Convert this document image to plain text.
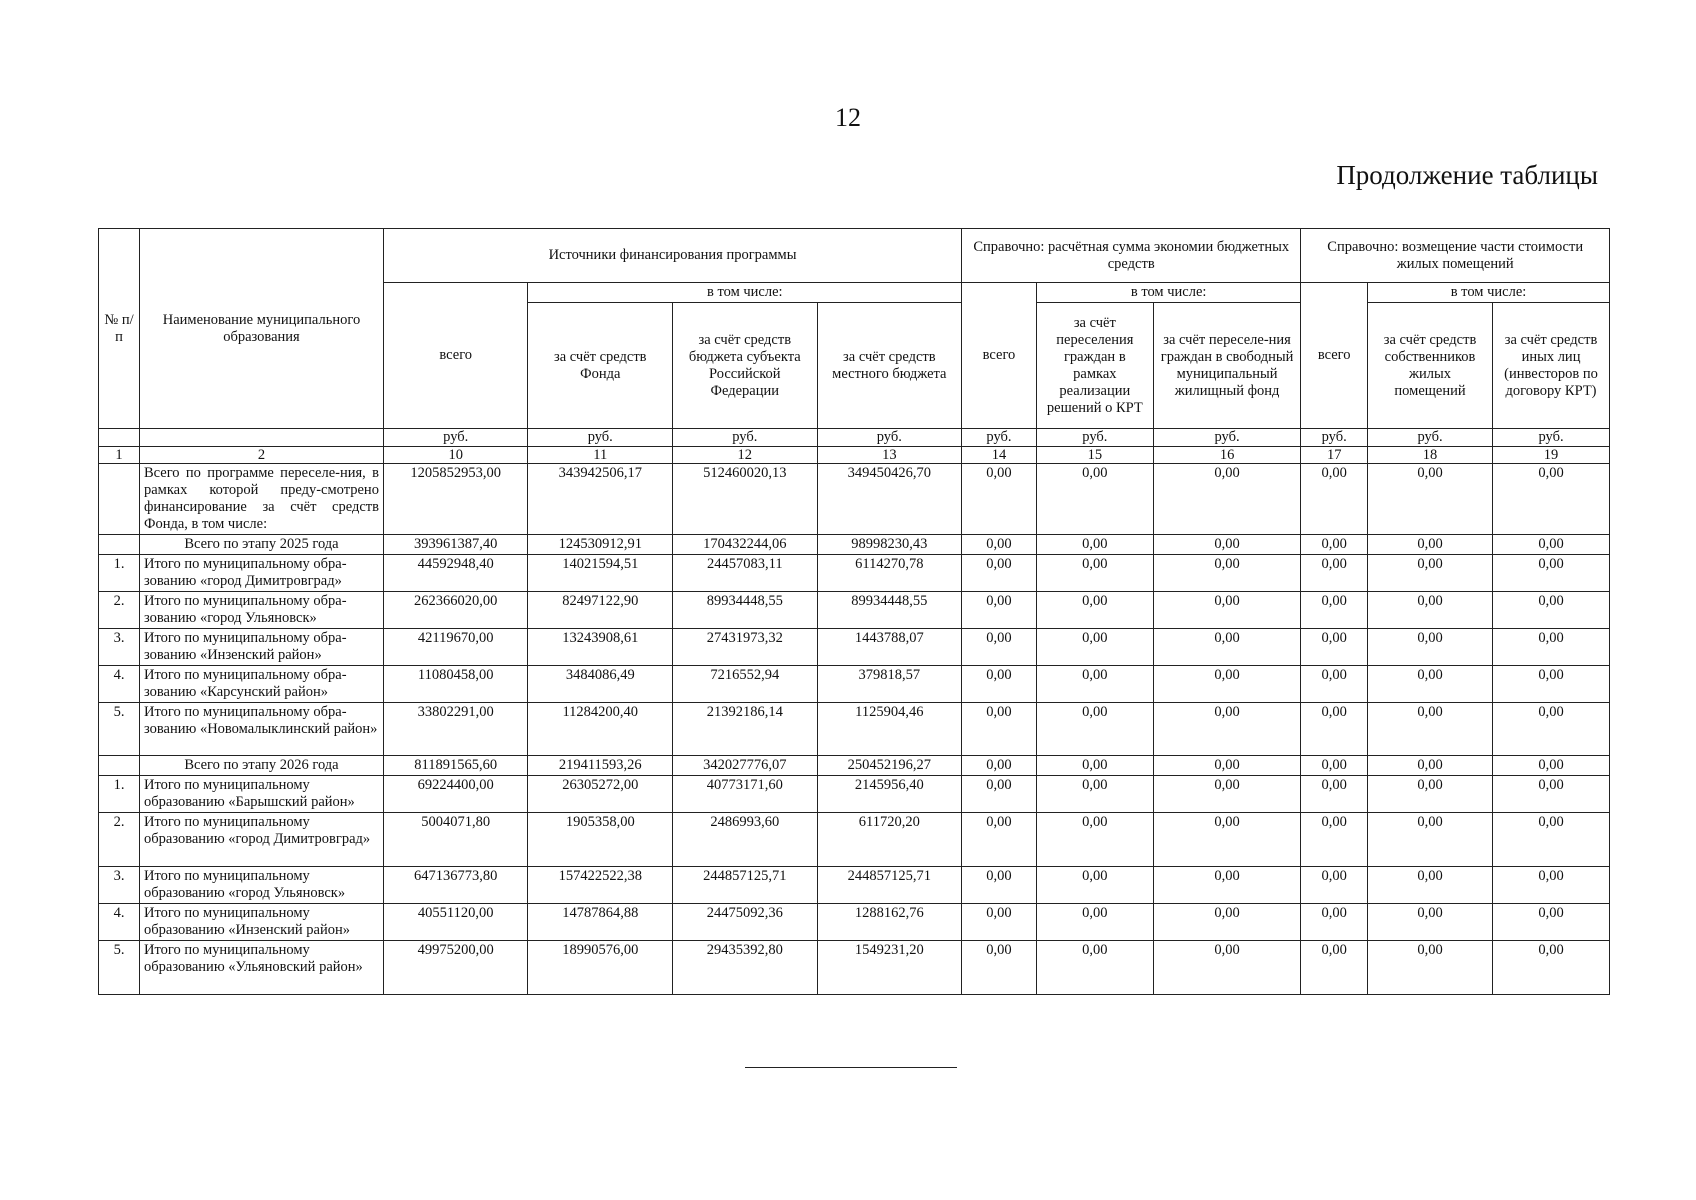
12
Продолжение таблицы
№ п/п	Наименование муниципального образования	Источники финансирования программы				Справочно: расчётная сумма экономии бюджетных средств			Справочно: возмещение части стоимости жилых помещений		
		всего	в том числе:			всего	в том числе:		всего	в том числе:	
			за счёт средств Фонда	за счёт средств бюджета субъекта Российской Федерации	за счёт средств местного бюджета		за счёт переселения граждан в рамках реализации решений о КРТ	за счёт переселе-ния граждан в свободный муниципальный жилищный фонд		за счёт средств собственников жилых помещений	за счёт средств иных лиц (инвесторов по договору КРТ)
		руб.	руб.	руб.	руб.	руб.	руб.	руб.	руб.	руб.	руб.
1	2	10	11	12	13	14	15	16	17	18	19
	Всего по программе переселе-ния, в рамках которой преду-смотрено финансирование за счёт средств Фонда, в том числе:	1205852953,00	343942506,17	512460020,13	349450426,70	0,00	0,00	0,00	0,00	0,00	0,00
	Всего по этапу 2025 года	393961387,40	124530912,91	170432244,06	98998230,43	0,00	0,00	0,00	0,00	0,00	0,00
1.	Итого по муниципальному обра-зованию «город Димитровград»	44592948,40	14021594,51	24457083,11	6114270,78	0,00	0,00	0,00	0,00	0,00	0,00
2.	Итого по муниципальному обра-зованию «город Ульяновск»	262366020,00	82497122,90	89934448,55	89934448,55	0,00	0,00	0,00	0,00	0,00	0,00
3.	Итого по муниципальному обра-зованию «Инзенский район»	42119670,00	13243908,61	27431973,32	1443788,07	0,00	0,00	0,00	0,00	0,00	0,00
4.	Итого по муниципальному обра-зованию «Карсунский район»	11080458,00	3484086,49	7216552,94	379818,57	0,00	0,00	0,00	0,00	0,00	0,00
5.	Итого по муниципальному обра-зованию «Новомалыклинский район»	33802291,00	11284200,40	21392186,14	1125904,46	0,00	0,00	0,00	0,00	0,00	0,00
	Всего по этапу 2026 года	811891565,60	219411593,26	342027776,07	250452196,27	0,00	0,00	0,00	0,00	0,00	0,00
1.	Итого по муниципальному образованию «Барышский район»	69224400,00	26305272,00	40773171,60	2145956,40	0,00	0,00	0,00	0,00	0,00	0,00
2.	Итого по муниципальному образованию «город Димитровград»	5004071,80	1905358,00	2486993,60	611720,20	0,00	0,00	0,00	0,00	0,00	0,00
3.	Итого по муниципальному образованию «город Ульяновск»	647136773,80	157422522,38	244857125,71	244857125,71	0,00	0,00	0,00	0,00	0,00	0,00
4.	Итого по муниципальному образованию «Инзенский район»	40551120,00	14787864,88	24475092,36	1288162,76	0,00	0,00	0,00	0,00	0,00	0,00
5.	Итого по муниципальному образованию «Ульяновский район»	49975200,00	18990576,00	29435392,80	1549231,20	0,00	0,00	0,00	0,00	0,00	0,00
